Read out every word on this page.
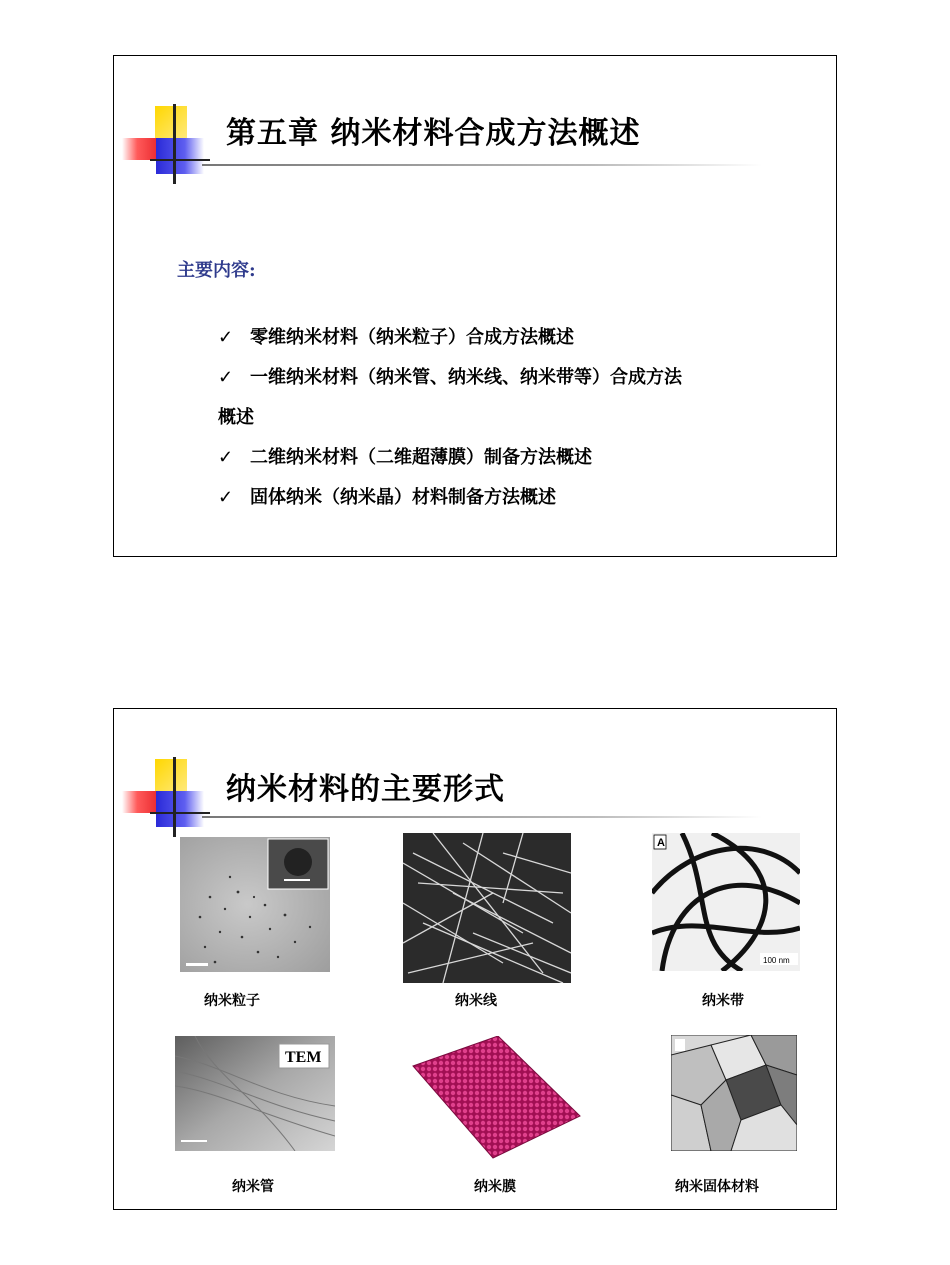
第五章 纳米材料合成方法概述
主要内容:
✓ 零维纳米材料（纳米粒子）合成方法概述
✓ 一维纳米材料（纳米管、纳米线、纳米带等）合成方法
概述
✓ 二维纳米材料（二维超薄膜）制备方法概述
✓ 固体纳米（纳米晶）材料制备方法概述
纳米材料的主要形式
A
100 nm
TEM
纳米粒子	纳米线	纳米带
纳米管	纳米膜	纳米固体材料
